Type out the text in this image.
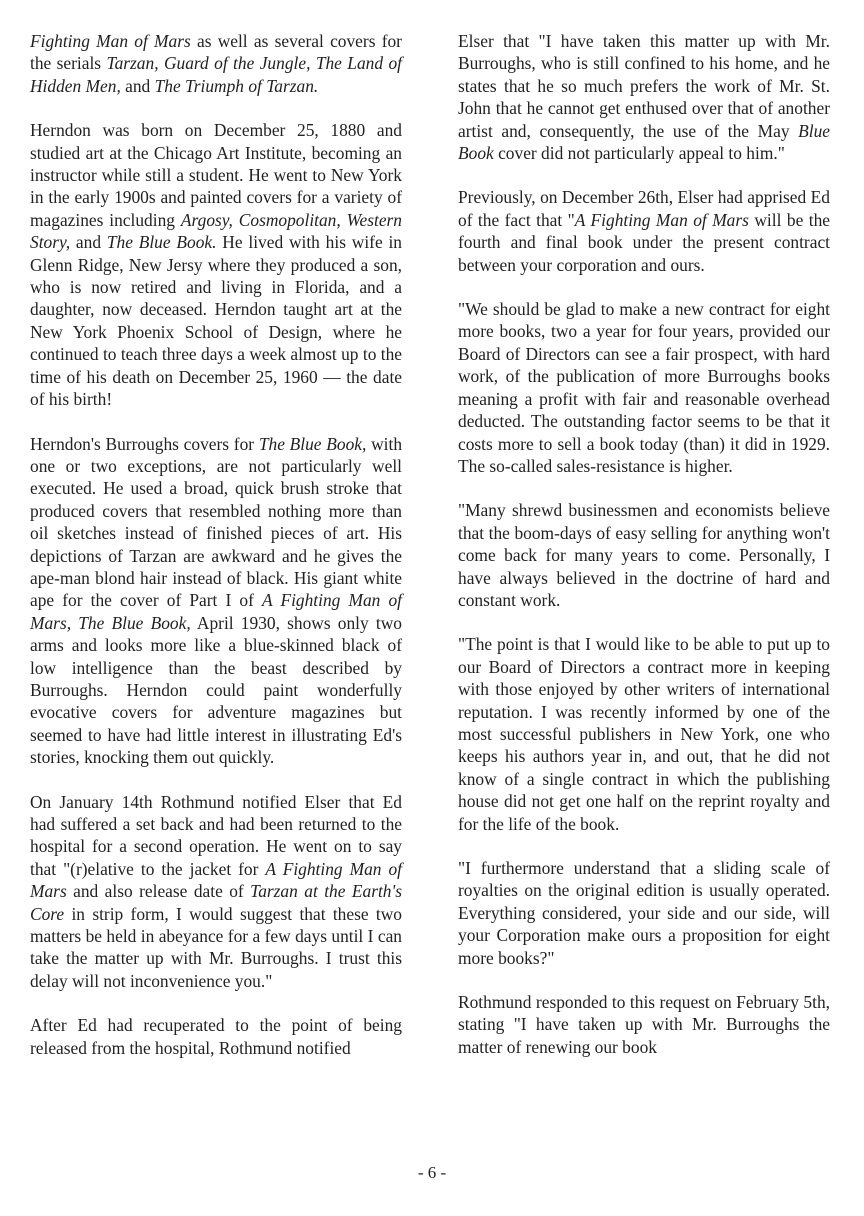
Fighting Man of Mars as well as several covers for the serials Tarzan, Guard of the Jungle, The Land of Hidden Men, and The Triumph of Tarzan.

Herndon was born on December 25, 1880 and studied art at the Chicago Art Institute, becoming an instructor while still a student. He went to New York in the early 1900s and painted covers for a variety of magazines including Argosy, Cosmopolitan, Western Story, and The Blue Book. He lived with his wife in Glenn Ridge, New Jersy where they produced a son, who is now retired and living in Florida, and a daughter, now deceased. Herndon taught art at the New York Phoenix School of Design, where he continued to teach three days a week almost up to the time of his death on December 25, 1960 — the date of his birth!

Herndon's Burroughs covers for The Blue Book, with one or two exceptions, are not particularly well executed. He used a broad, quick brush stroke that produced covers that resembled nothing more than oil sketches instead of finished pieces of art. His depictions of Tarzan are awkward and he gives the ape-man blond hair instead of black. His giant white ape for the cover of Part I of A Fighting Man of Mars, The Blue Book, April 1930, shows only two arms and looks more like a blue-skinned black of low intelligence than the beast described by Burroughs. Herndon could paint wonderfully evocative covers for adventure magazines but seemed to have had little interest in illustrating Ed's stories, knocking them out quickly.

On January 14th Rothmund notified Elser that Ed had suffered a set back and had been returned to the hospital for a second operation. He went on to say that "(r)elative to the jacket for A Fighting Man of Mars and also release date of Tarzan at the Earth's Core in strip form, I would suggest that these two matters be held in abeyance for a few days until I can take the matter up with Mr. Burroughs. I trust this delay will not inconvenience you."

After Ed had recuperated to the point of being released from the hospital, Rothmund notified

Elser that "I have taken this matter up with Mr. Burroughs, who is still confined to his home, and he states that he so much prefers the work of Mr. St. John that he cannot get enthused over that of another artist and, consequently, the use of the May Blue Book cover did not particularly appeal to him."

Previously, on December 26th, Elser had apprised Ed of the fact that "A Fighting Man of Mars will be the fourth and final book under the present contract between your corporation and ours.

"We should be glad to make a new contract for eight more books, two a year for four years, provided our Board of Directors can see a fair prospect, with hard work, of the publication of more Burroughs books meaning a profit with fair and reasonable overhead deducted. The outstanding factor seems to be that it costs more to sell a book today (than) it did in 1929. The so-called sales-resistance is higher.

"Many shrewd businessmen and economists believe that the boom-days of easy selling for anything won't come back for many years to come. Personally, I have always believed in the doctrine of hard and constant work.

"The point is that I would like to be able to put up to our Board of Directors a contract more in keeping with those enjoyed by other writers of international reputation. I was recently informed by one of the most successful publishers in New York, one who keeps his authors year in, and out, that he did not know of a single contract in which the publishing house did not get one half on the reprint royalty and for the life of the book.

"I furthermore understand that a sliding scale of royalties on the original edition is usually operated. Everything considered, your side and our side, will your Corporation make ours a proposition for eight more books?"

Rothmund responded to this request on February 5th, stating "I have taken up with Mr. Burroughs the matter of renewing our book

- 6 -
